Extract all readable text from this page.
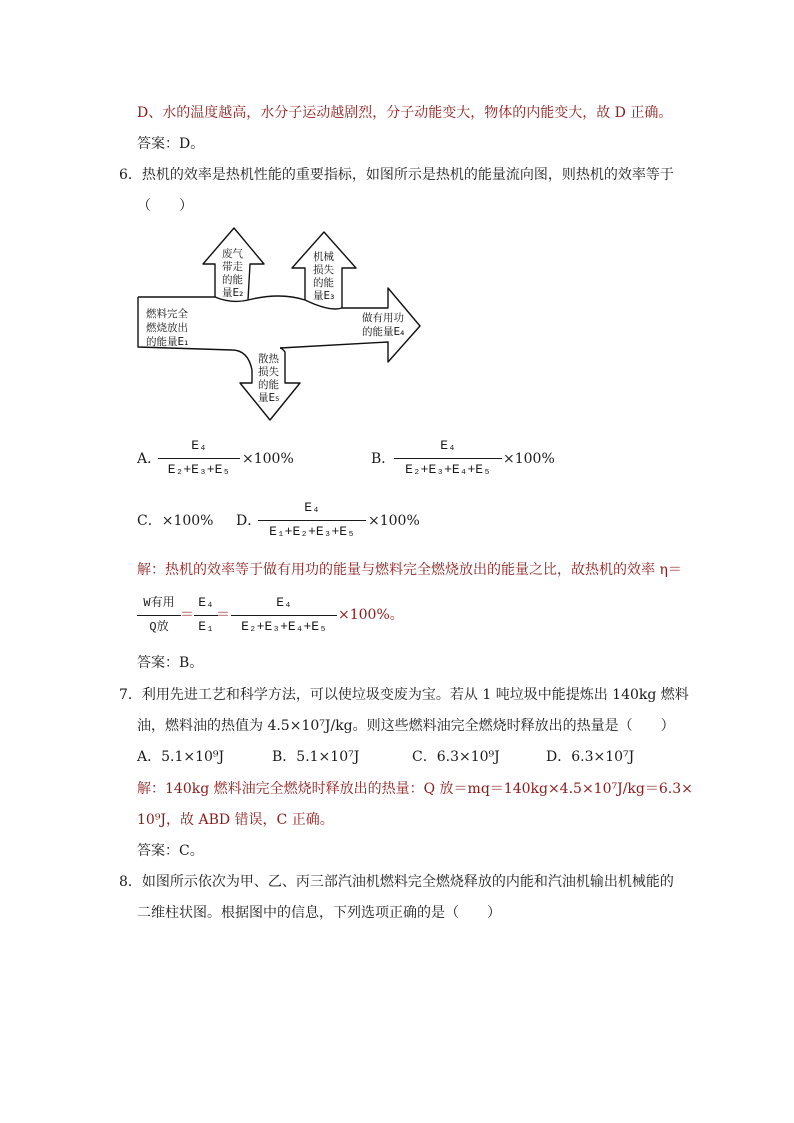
D、水的温度越高，水分子运动越剧烈，分子动能变大，物体的内能变大，故 D 正确。
答案：D。
6．热机的效率是热机性能的重要指标，如图所示是热机的能量流向图，则热机的效率等于
（　　）
燃料完全
燃烧放出
的能量E₁
废气
带走
的能
量E₂
机械
损失
的能
量E₃
做有用功
的能量E₄
散热
损失
的能
量E₅
A．
E₄
E₂+E₃+E₅
×100%	B．
E₄
E₂+E₃+E₄+E₅
×100%
C．×100% D．
E₄
E₁+E₂+E₃+E₅
×100%
解：热机的效率等于做有用功的能量与燃料完全燃烧放出的能量之比，故热机的效率 η＝
W有用
Q放
＝
E₄
E₁
＝
E₄
E₂+E₃+E₄+E₅
×100%。
答案：B。
7．利用先进工艺和科学方法，可以使垃圾变废为宝。若从 1 吨垃圾中能提炼出 140kg 燃料
油，燃料油的热值为 4.5×10⁷J/kg。则这些燃料油完全燃烧时释放出的热量是（　　）
A．5.1×10⁹J	B．5.1×10⁷J	C．6.3×10⁹J	D．6.3×10⁷J
解：140kg 燃料油完全燃烧时释放出的热量：Q 放＝mq＝140kg×4.5×10⁷J/kg＝6.3×
10⁹J，故 ABD 错误，C 正确。
答案：C。
8．如图所示依次为甲、乙、丙三部汽油机燃料完全燃烧释放的内能和汽油机输出机械能的
二维柱状图。根据图中的信息，下列选项正确的是（　　）
